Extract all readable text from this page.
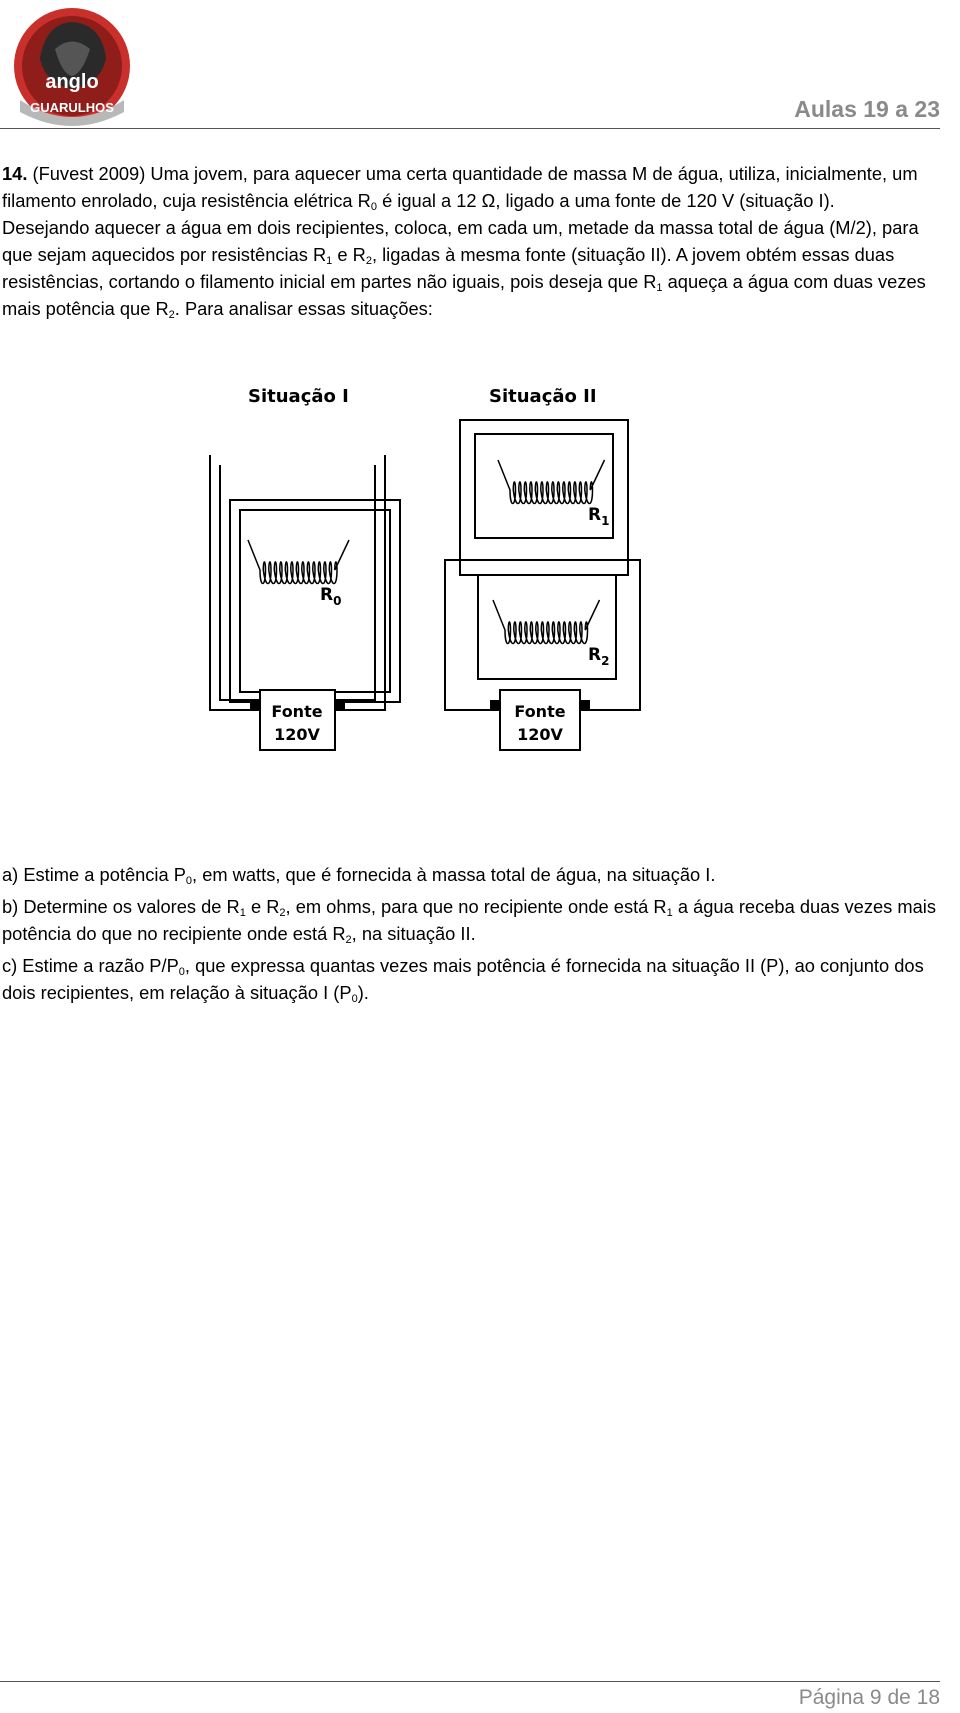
anglo
GUARULHOS	Aulas 19 a 23

14. (Fuvest 2009) Uma jovem, para aquecer uma certa quantidade de massa M de água, utiliza, inicialmente, um filamento enrolado, cuja resistência elétrica $R_0$ é igual a 12 Ω, ligado a uma fonte de 120 V (situação I).

Desejando aquecer a água em dois recipientes, coloca, em cada um, metade da massa total de água (M/2), para que sejam aquecidos por resistências $R_1$ e $R_2$, ligadas à mesma fonte (situação II). A jovem obtém essas duas resistências, cortando o filamento inicial em partes não iguais, pois deseja que $R_1$ aqueça a água com duas vezes mais potência que $R_2$. Para analisar essas situações:

Situação I	Situação II
$R_0$
$R_1$
$R_2$
Fonte
120V
Fonte
120V

a) Estime a potência $P_0$, em watts, que é fornecida à massa total de água, na situação I.

b) Determine os valores de $R_1$ e $R_2$, em ohms, para que no recipiente onde está $R_1$ a água receba duas vezes mais potência do que no recipiente onde está $R_2$, na situação II.

c) Estime a razão $P/P_0$, que expressa quantas vezes mais potência é fornecida na situação II (P), ao conjunto dos dois recipientes, em relação à situação I $(P_0)$.

Página 9 de 18
